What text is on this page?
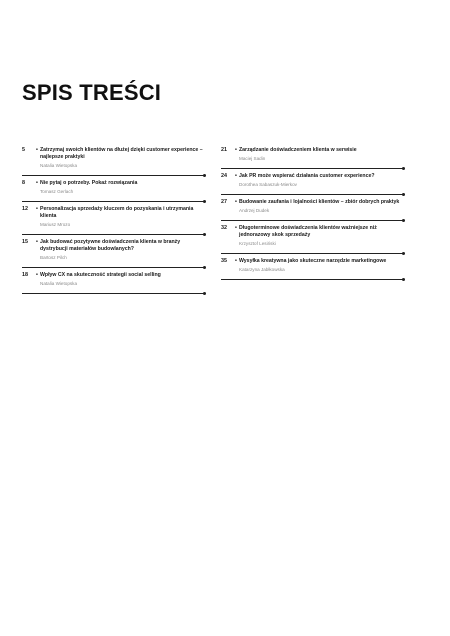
SPIS TREŚCI
5	• Zatrzymaj swoich klientów na dłużej dzięki customer experience – najlepsze praktyki
Natalia Wietopska
8	• Nie pytaj o potrzeby. Pokaż rozwiązania
Tomasz Gerlach
12	• Personalizacja sprzedaży kluczem do pozyskania i utrzymania klienta
Mariusz Mrozo
15	• Jak budować pozytywne doświadczenia klienta w branży dystrybucji materiałów budowlanych?
Bartosz Pilch
18	• Wpływ CX na skuteczność strategii social selling
Natalia Wietopska
21	• Zarządzanie doświadczeniem klienta w serwisie
Maciej Sadin
24	• Jak PR może wspierać działania customer experience?
Dorothea Sabaszuk-Mierkov
27	• Budowanie zaufania i lojalności klientów – zbiór dobrych praktyk
Andrzej Dudek
32	• Długoterminowe doświadczenia klientów ważniejsze niż jednorazowy skok sprzedaży
Krzysztof Lesiński
35	• Wysyłka kreatywna jako skuteczne narzędzie marketingowe
Katarzyna Jabłkowska
